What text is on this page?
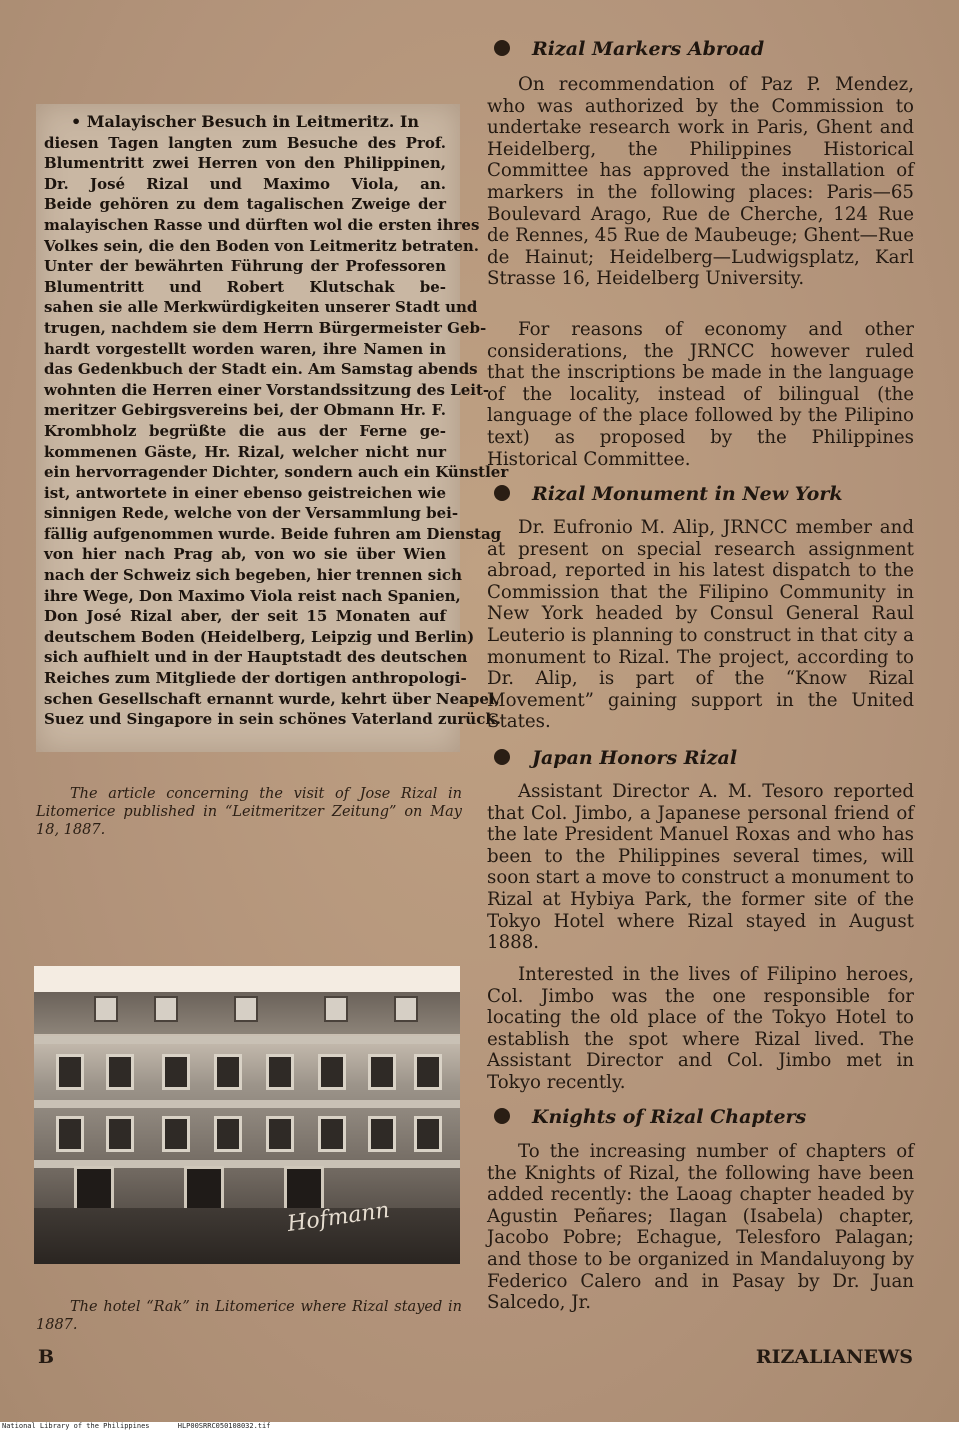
• Malayischer Besuch in Leitmeritz. In
diesen Tagen langten zum Besuche des Prof.
Blumentritt zwei Herren von den Philippinen,
Dr. José Rizal und Maximo Viola, an.
Beide gehören zu dem tagalischen Zweige der
malayischen Rasse und dürften wol die ersten ihres
Volkes sein, die den Boden von Leitmeritz betraten.
Unter der bewährten Führung der Professoren
Blumentritt und Robert Klutschak be-
sahen sie alle Merkwürdigkeiten unserer Stadt und
trugen, nachdem sie dem Herrn Bürgermeister Geb-
hardt vorgestellt worden waren, ihre Namen in
das Gedenkbuch der Stadt ein. Am Samstag abends
wohnten die Herren einer Vorstandssitzung des Leit-
meritzer Gebirgsvereins bei, der Obmann Hr. F.
Krombholz begrüßte die aus der Ferne ge-
kommenen Gäste, Hr. Rizal, welcher nicht nur
ein hervorragender Dichter, sondern auch ein Künstler
ist, antwortete in einer ebenso geistreichen wie
sinnigen Rede, welche von der Versammlung bei-
fällig aufgenommen wurde. Beide fuhren am Dienstag
von hier nach Prag ab, von wo sie über Wien
nach der Schweiz sich begeben, hier trennen sich
ihre Wege, Don Maximo Viola reist nach Spanien,
Don José Rizal aber, der seit 15 Monaten auf
deutschem Boden (Heidelberg, Leipzig und Berlin)
sich aufhielt und in der Hauptstadt des deutschen
Reiches zum Mitgliede der dortigen anthropologi-
schen Gesellschaft ernannt wurde, kehrt über Neapel,
Suez und Singapore in sein schönes Vaterland zurück.

The article concerning the visit of Jose Rizal in Litomerice published in “Leitmeritzer Zeitung” on May 18, 1887.

Hofmann

The hotel “Rak” in Litomerice where Rizal stayed in 1887.

Rizal Markers Abroad

On recommendation of Paz P. Mendez, who was authorized by the Commission to undertake research work in Paris, Ghent and Heidelberg, the Philippines Historical Committee has approved the installation of markers in the following places: Paris—65 Boulevard Arago, Rue de Cherche, 124 Rue de Rennes, 45 Rue de Maubeuge; Ghent—Rue de Hainut; Heidelberg—Ludwigsplatz, Karl Strasse 16, Heidelberg University.

For reasons of economy and other considerations, the JRNCC however ruled that the inscriptions be made in the language of the locality, instead of bilingual (the language of the place followed by the Pilipino text) as proposed by the Philippines Historical Committee.

Rizal Monument in New York

Dr. Eufronio M. Alip, JRNCC member and at present on special research assignment abroad, reported in his latest dispatch to the Commission that the Filipino Community in New York headed by Consul General Raul Leuterio is planning to construct in that city a monument to Rizal. The project, according to Dr. Alip, is part of the “Know Rizal Movement” gaining support in the United States.

Japan Honors Rizal

Assistant Director A. M. Tesoro reported that Col. Jimbo, a Japanese personal friend of the late President Manuel Roxas and who has been to the Philippines several times, will soon start a move to construct a monument to Rizal at Hybiya Park, the former site of the Tokyo Hotel where Rizal stayed in August 1888.

Interested in the lives of Filipino heroes, Col. Jimbo was the one responsible for locating the old place of the Tokyo Hotel to establish the spot where Rizal lived. The Assistant Director and Col. Jimbo met in Tokyo recently.

Knights of Rizal Chapters

To the increasing number of chapters of the Knights of Rizal, the following have been added recently: the Laoag chapter headed by Agustin Peñares; Ilagan (Isabela) chapter, Jacobo Pobre; Echague, Telesforo Palagan; and those to be organized in Mandaluyong by Federico Calero and in Pasay by Dr. Juan Salcedo, Jr.

B	RIZALIANEWS
National Library of the Philippines	HLP00SRRC050108032.tif
